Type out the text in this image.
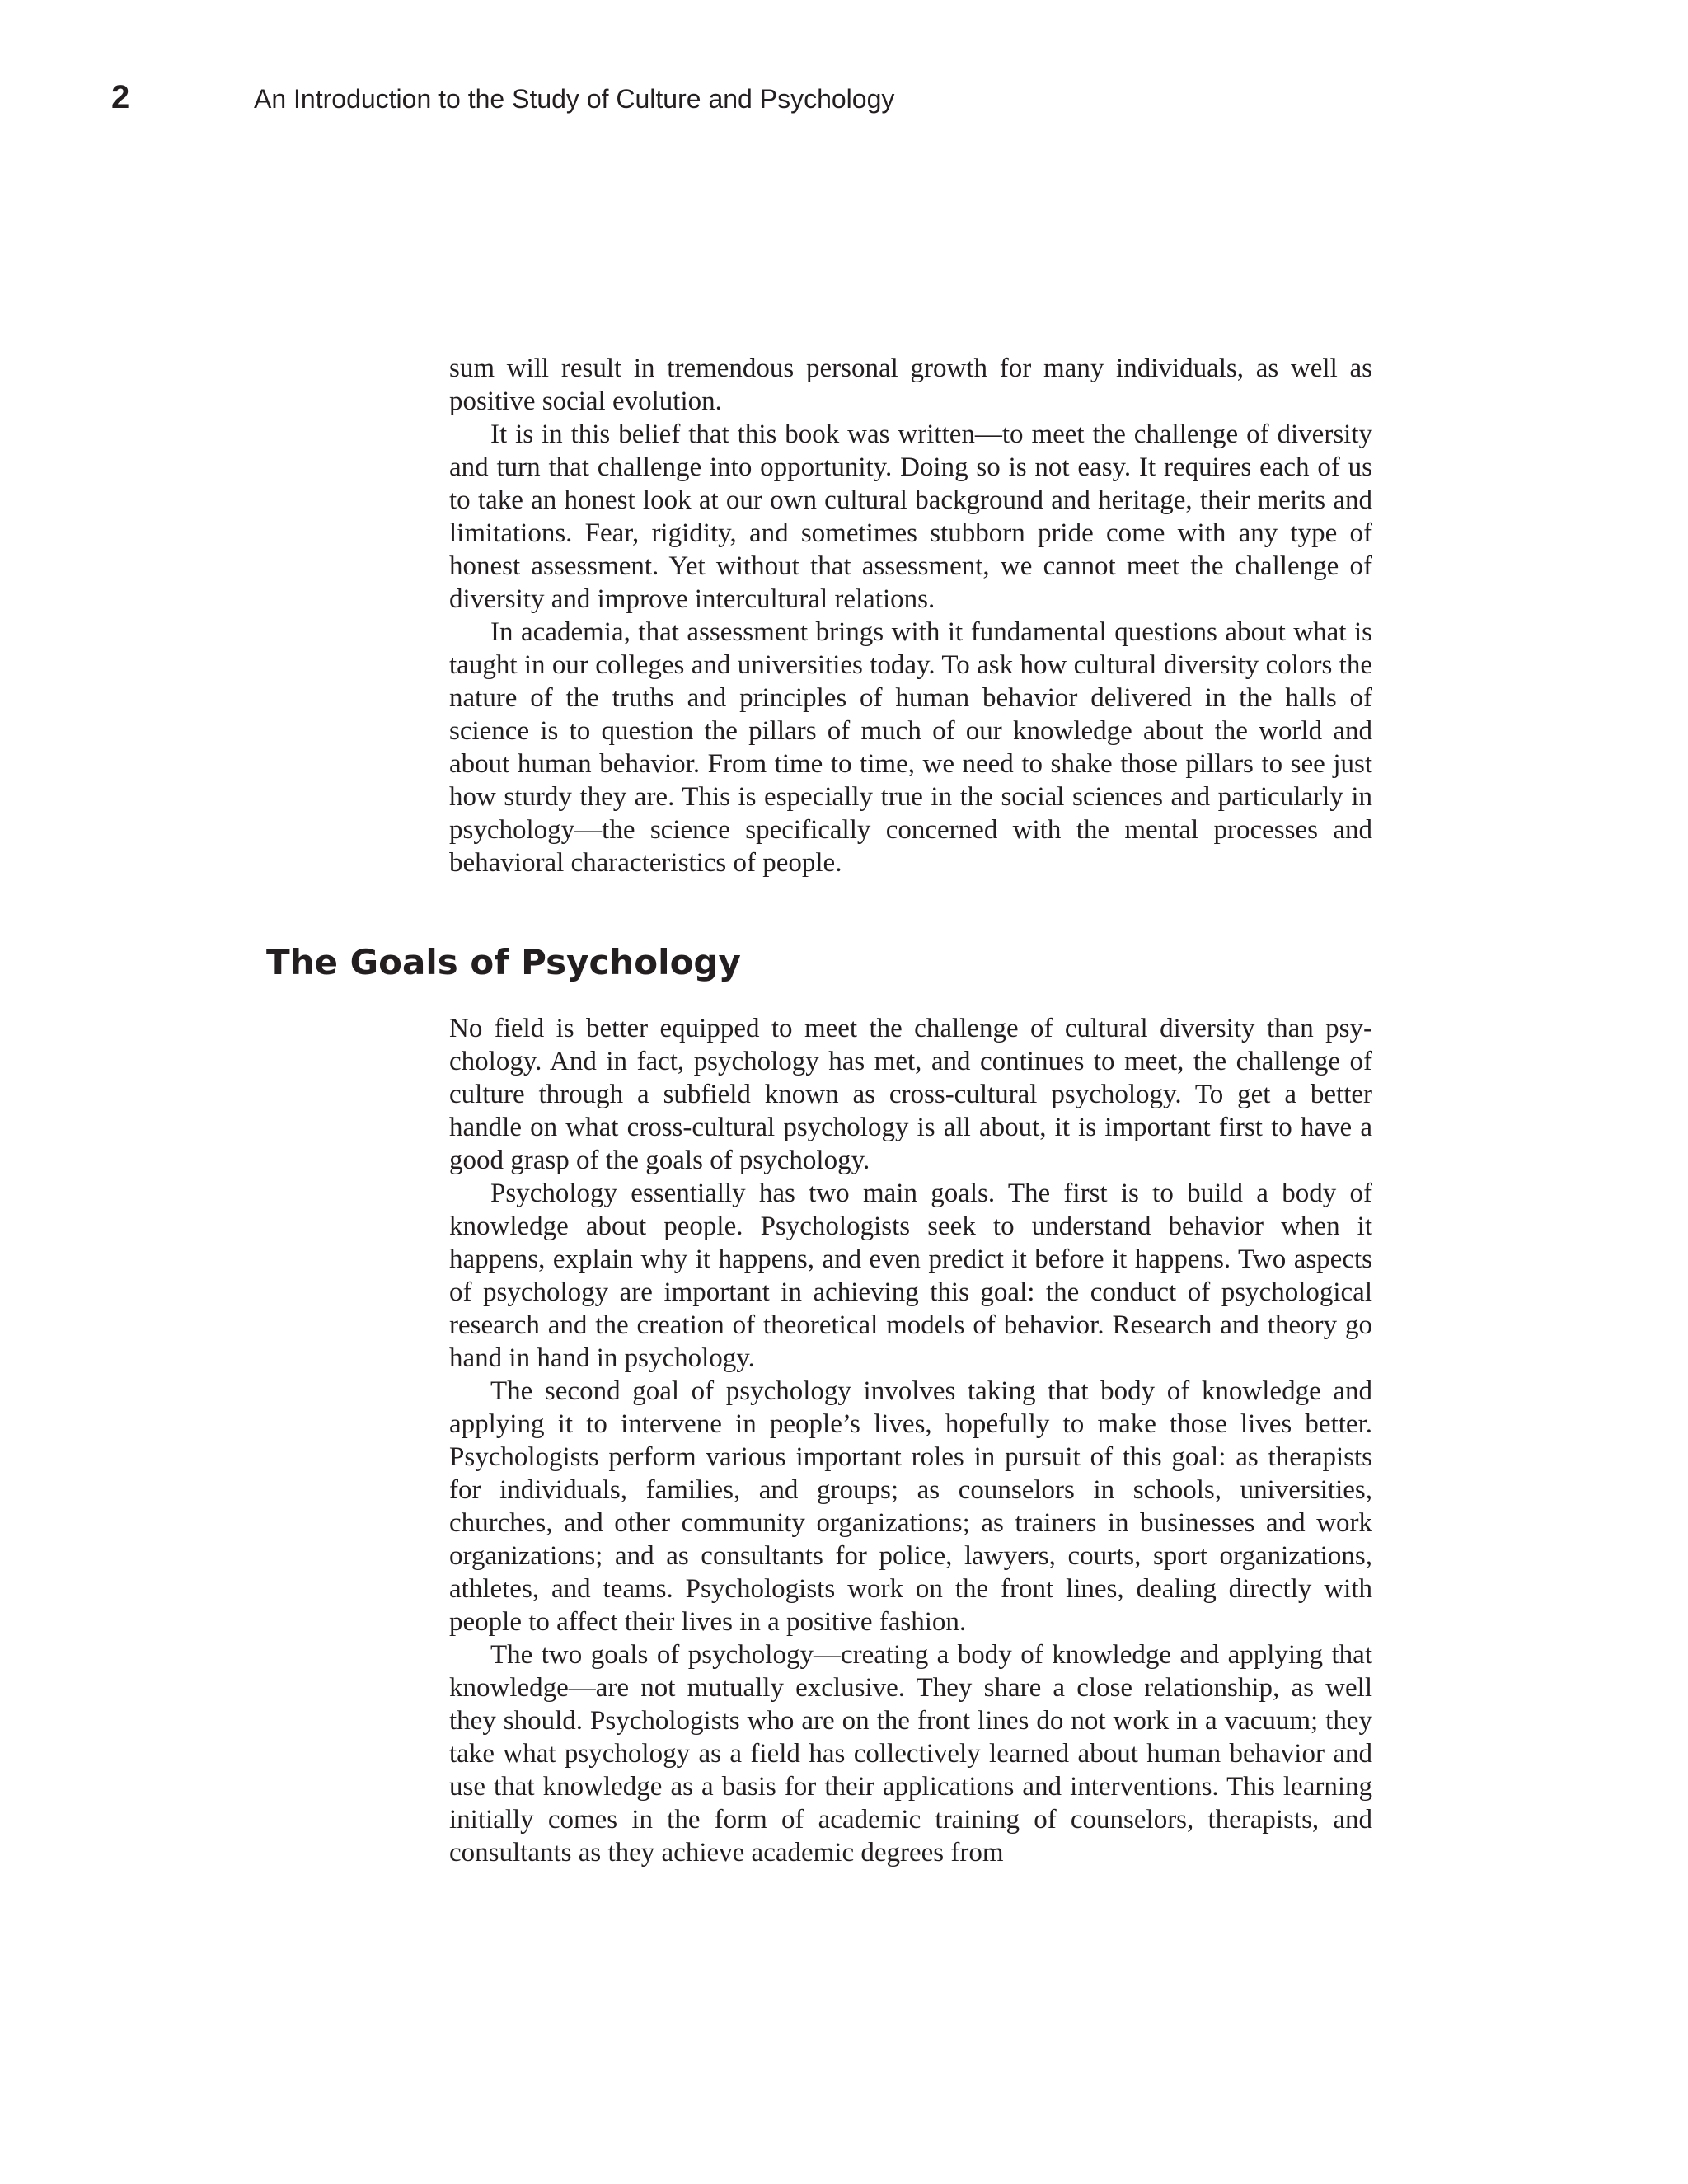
2	An Introduction to the Study of Culture and Psychology

sum will result in tremendous personal growth for many individuals, as well as positive social evolution.

It is in this belief that this book was written—to meet the challenge of diversity and turn that challenge into opportunity. Doing so is not easy. It requires each of us to take an honest look at our own cultural background and heritage, their merits and limitations. Fear, rigidity, and sometimes stubborn pride come with any type of honest assessment. Yet without that assessment, we cannot meet the challenge of diversity and improve intercultural relations.

In academia, that assessment brings with it fundamental questions about what is taught in our colleges and universities today. To ask how cultural diversity colors the nature of the truths and principles of human behavior delivered in the halls of science is to question the pillars of much of our knowledge about the world and about human behavior. From time to time, we need to shake those pillars to see just how sturdy they are. This is especially true in the social sciences and particularly in psychology—the science specifically concerned with the mental processes and behavioral characteristics of people.

The Goals of Psychology

No field is better equipped to meet the challenge of cultural diversity than psychology. And in fact, psychology has met, and continues to meet, the challenge of culture through a subfield known as cross-cultural psychology. To get a better handle on what cross-cultural psychology is all about, it is important first to have a good grasp of the goals of psychology.

Psychology essentially has two main goals. The first is to build a body of knowledge about people. Psychologists seek to understand behavior when it happens, explain why it happens, and even predict it before it happens. Two aspects of psychology are important in achieving this goal: the conduct of psychological research and the creation of theoretical models of behavior. Research and theory go hand in hand in psychology.

The second goal of psychology involves taking that body of knowledge and applying it to intervene in people’s lives, hopefully to make those lives better. Psychologists perform various important roles in pursuit of this goal: as therapists for individuals, families, and groups; as counselors in schools, universities, churches, and other community organizations; as trainers in businesses and work organizations; and as consultants for police, lawyers, courts, sport organizations, athletes, and teams. Psychologists work on the front lines, dealing directly with people to affect their lives in a positive fashion.

The two goals of psychology—creating a body of knowledge and applying that knowledge—are not mutually exclusive. They share a close relationship, as well they should. Psychologists who are on the front lines do not work in a vacuum; they take what psychology as a field has collectively learned about human behavior and use that knowledge as a basis for their applications and interventions. This learning initially comes in the form of academic training of counselors, therapists, and consultants as they achieve academic degrees from
